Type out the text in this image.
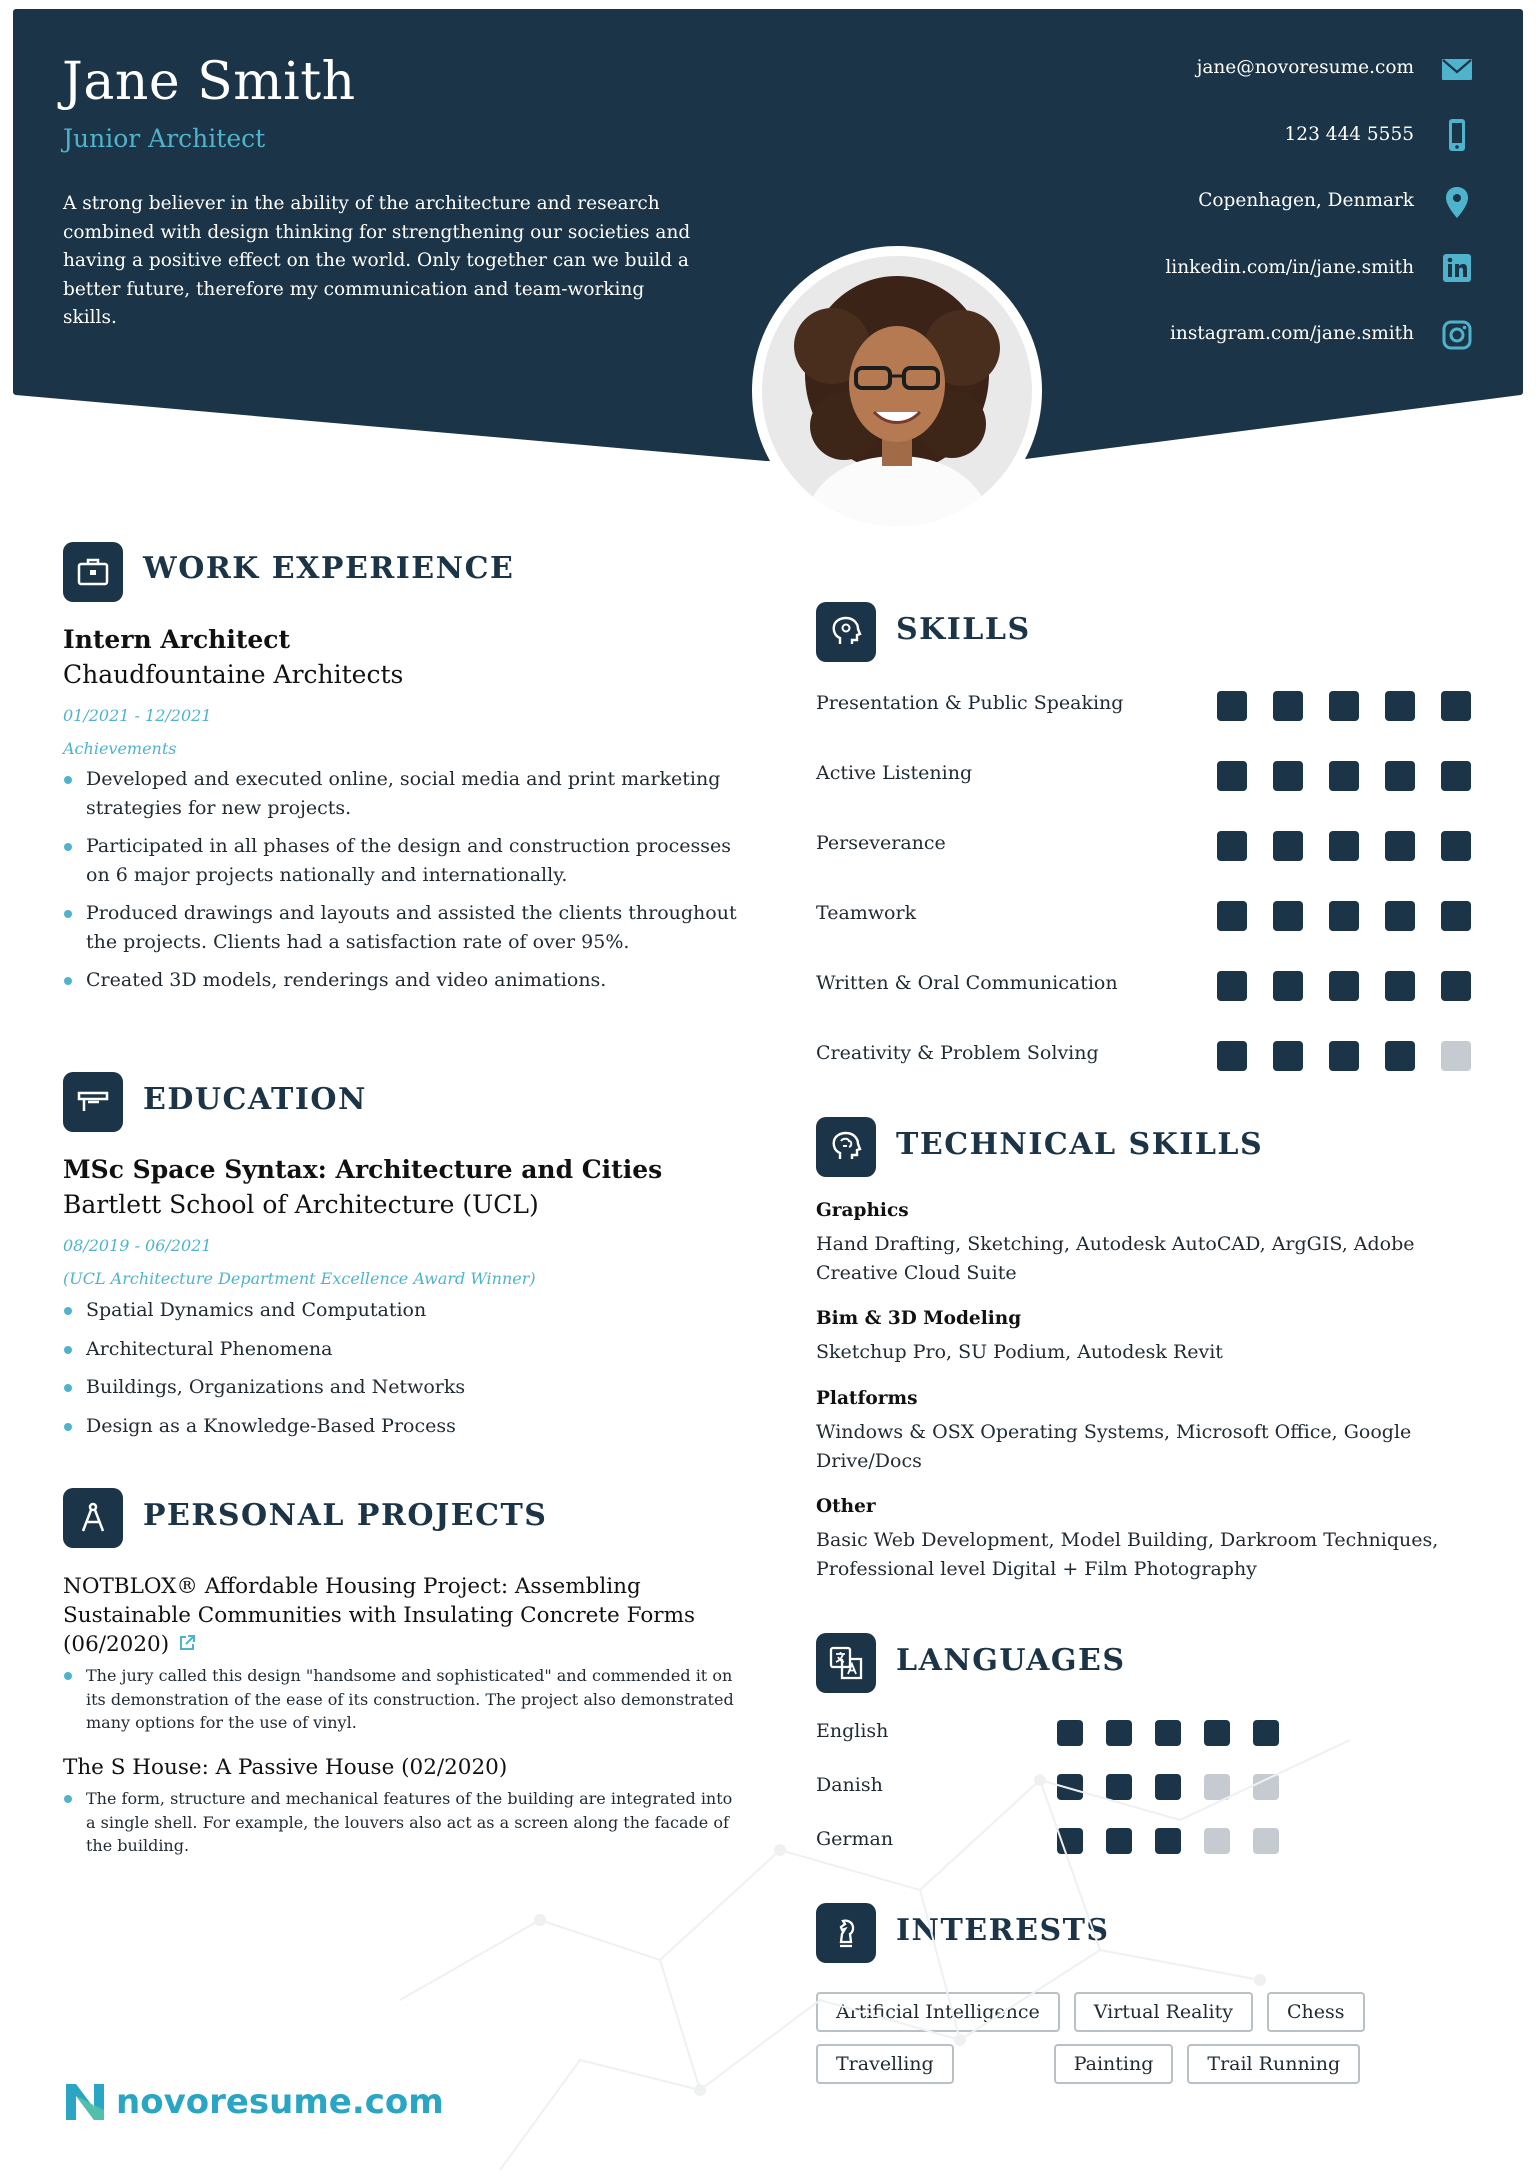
Jane Smith
Junior Architect
A strong believer in the ability of the architecture and research combined with design thinking for strengthening our societies and having a positive effect on the world. Only together can we build a better future, therefore my communication and team-working skills.
jane@novoresume.com
123 444 5555
Copenhagen, Denmark
linkedin.com/in/jane.smith
instagram.com/jane.smith
WORK EXPERIENCE
Intern Architect
Chaudfountaine Architects
01/2021 - 12/2021
Achievements
Developed and executed online, social media and print marketing strategies for new projects.
Participated in all phases of the design and construction processes on 6 major projects nationally and internationally.
Produced drawings and layouts and assisted the clients throughout the projects. Clients had a satisfaction rate of over 95%.
Created 3D models, renderings and video animations.
EDUCATION
MSc Space Syntax: Architecture and Cities
Bartlett School of Architecture (UCL)
08/2019 - 06/2021
(UCL Architecture Department Excellence Award Winner)
Spatial Dynamics and Computation
Architectural Phenomena
Buildings, Organizations and Networks
Design as a Knowledge-Based Process
PERSONAL PROJECTS
NOTBLOX® Affordable Housing Project: Assembling Sustainable Communities with Insulating Concrete Forms (06/2020)
The jury called this design "handsome and sophisticated" and commended it on its demonstration of the ease of its construction. The project also demonstrated many options for the use of vinyl.
The S House: A Passive House (02/2020)
The form, structure and mechanical features of the building are integrated into a single shell. For example, the louvers also act as a screen along the facade of the building.
SKILLS
Presentation & Public Speaking
Active Listening
Perseverance
Teamwork
Written & Oral Communication
Creativity & Problem Solving
TECHNICAL SKILLS
Graphics
Hand Drafting, Sketching, Autodesk AutoCAD, ArgGIS, Adobe Creative Cloud Suite
Bim & 3D Modeling
Sketchup Pro, SU Podium, Autodesk Revit
Platforms
Windows & OSX Operating Systems, Microsoft Office, Google Drive/Docs
Other
Basic Web Development, Model Building, Darkroom Techniques, Professional level Digital + Film Photography
LANGUAGES
English
Danish
German
INTERESTS
Artificial Intelligence	Virtual Reality	Chess
Travelling	Painting	Trail Running
novoresume.com
